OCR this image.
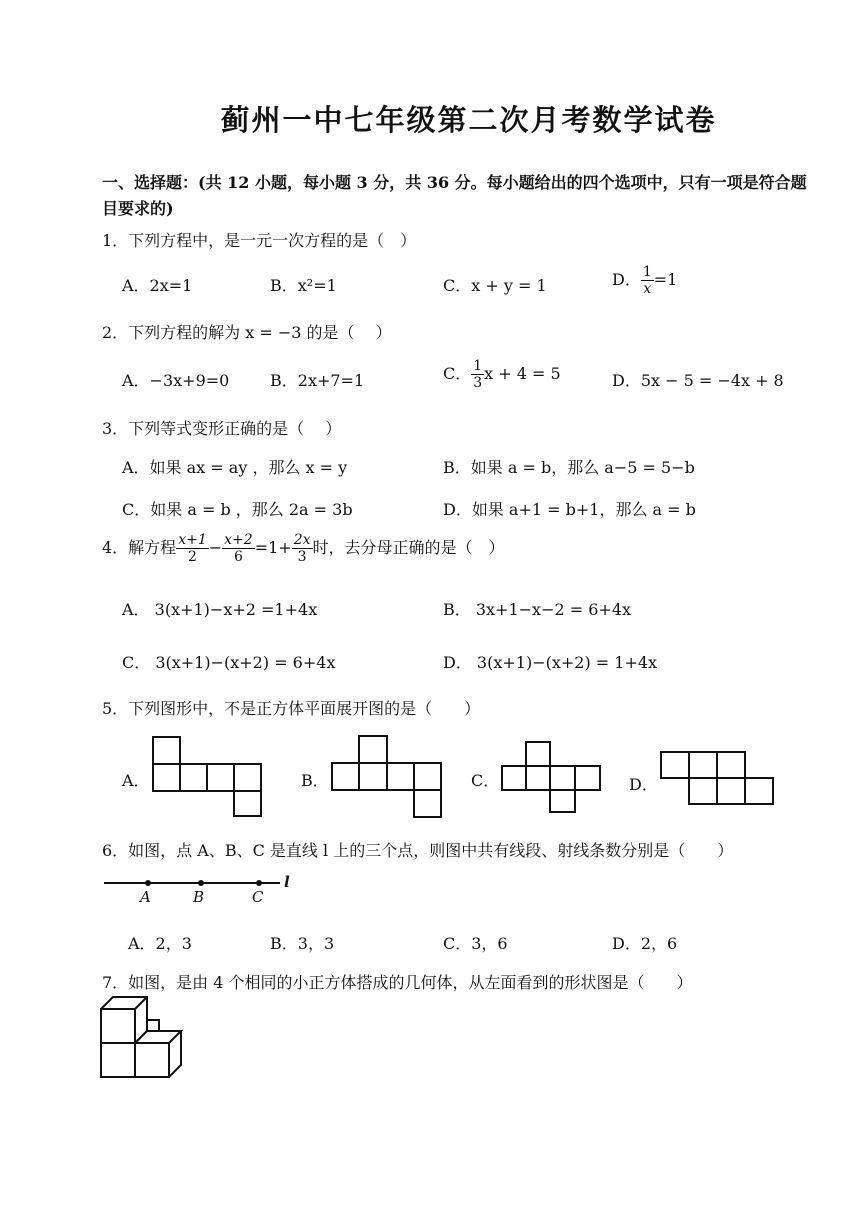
蓟州一中七年级第二次月考数学试卷
一、选择题：(共 12 小题，每小题 3 分，共 36 分。每小题给出的四个选项中，只有一项是符合题
目要求的)
1．下列方程中，是一元一次方程的是（　）
A．2x=1	B．x²=1	C．x + y = 1	D． $\frac{1}{x} =1$
2．下列方程的解为 x = −3 的是（　 ）
A．−3x+9=0	B．2x+7=1	C． $\frac{1}{3}$ x + 4 = 5	D．5x − 5 = −4x + 8
3．下列等式变形正确的是（　 ）
A．如果 ax = ay ，那么 x = y	B．如果 a = b，那么 a−5 = 5−b
C．如果 a = b ，那么 2a = 3b	D．如果 a+1 = b+1，那么 a = b
4．解方程 $\frac{x+1}{2} - \frac{x+2}{6} =1+ \frac{2x}{3}$ 时，去分母正确的是（　）
A． 3(x+1)−x+2 =1+4x	B． 3x+1−x−2 = 6+4x
C． 3(x+1)−(x+2) = 6+4x	D． 3(x+1)−(x+2) = 1+4x
5．下列图形中，不是正方体平面展开图的是（　　）
A．	B．	C．	D．
6．如图，点 A、B、C 是直线 l 上的三个点，则图中共有线段、射线条数分别是（　　）
A	B	C
l
A．2，3	B．3，3	C．3，6	D．2，6
7．如图，是由 4 个相同的小正方体搭成的几何体，从左面看到的形状图是（　　）
